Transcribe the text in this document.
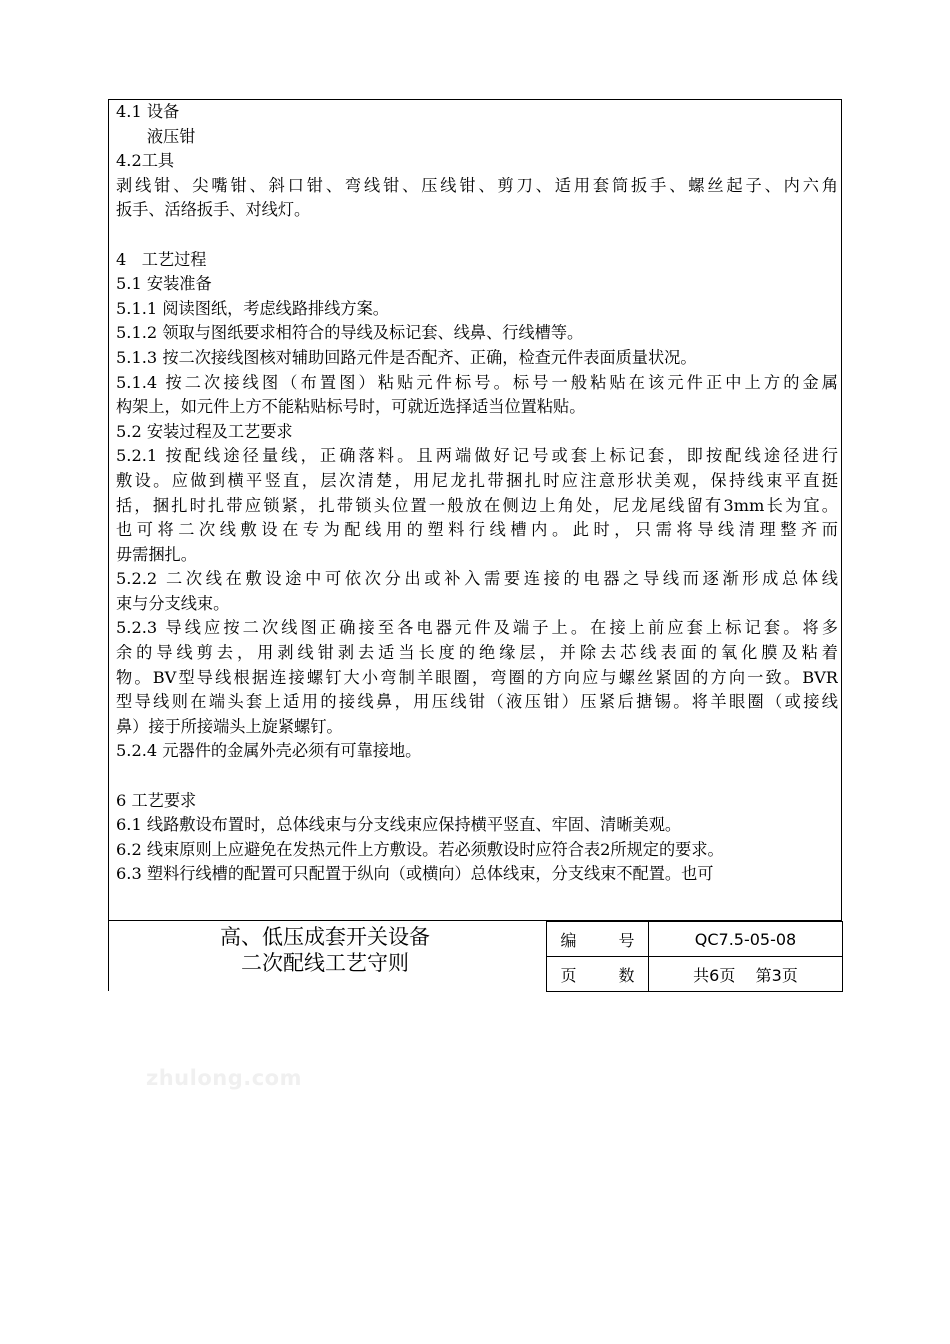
4.1 设备
液压钳
4.2工具
剥线钳、尖嘴钳、斜口钳、弯线钳、压线钳、剪刀、适用套筒扳手、螺丝起子、内六角
扳手、活络扳手、对线灯。
4   工艺过程
5.1 安装准备
5.1.1 阅读图纸，考虑线路排线方案。
5.1.2 领取与图纸要求相符合的导线及标记套、线鼻、行线槽等。
5.1.3 按二次接线图核对辅助回路元件是否配齐、正确，检查元件表面质量状况。
5.1.4 按二次接线图（布置图）粘贴元件标号。标号一般粘贴在该元件正中上方的金属
构架上，如元件上方不能粘贴标号时，可就近选择适当位置粘贴。
5.2 安装过程及工艺要求
5.2.1 按配线途径量线，正确落料。且两端做好记号或套上标记套，即按配线途径进行
敷设。应做到横平竖直，层次清楚，用尼龙扎带捆扎时应注意形状美观，保持线束平直挺
括，捆扎时扎带应锁紧，扎带锁头位置一般放在侧边上角处，尼龙尾线留有3mm长为宜。
也可将二次线敷设在专为配线用的塑料行线槽内。此时，只需将导线清理整齐而
毋需捆扎。
5.2.2 二次线在敷设途中可依次分出或补入需要连接的电器之导线而逐渐形成总体线
束与分支线束。
5.2.3 导线应按二次线图正确接至各电器元件及端子上。在接上前应套上标记套。将多
余的导线剪去，用剥线钳剥去适当长度的绝缘层，并除去芯线表面的氧化膜及粘着
物。BV型导线根据连接螺钉大小弯制羊眼圈，弯圈的方向应与螺丝紧固的方向一致。BVR
型导线则在端头套上适用的接线鼻，用压线钳（液压钳）压紧后搪锡。将羊眼圈（或接线
鼻）接于所接端头上旋紧螺钉。
5.2.4 元器件的金属外壳必须有可靠接地。
6 工艺要求
6.1 线路敷设布置时，总体线束与分支线束应保持横平竖直、牢固、清晰美观。
6.2 线束原则上应避免在发热元件上方敷设。若必须敷设时应符合表2所规定的要求。
6.3 塑料行线槽的配置可只配置于纵向（或横向）总体线束，分支线束不配置。也可
高、低压成套开关设备
二次配线工艺守则
编号	QC7.5-05-08
页数	共6页    第3页
zhulong.com
